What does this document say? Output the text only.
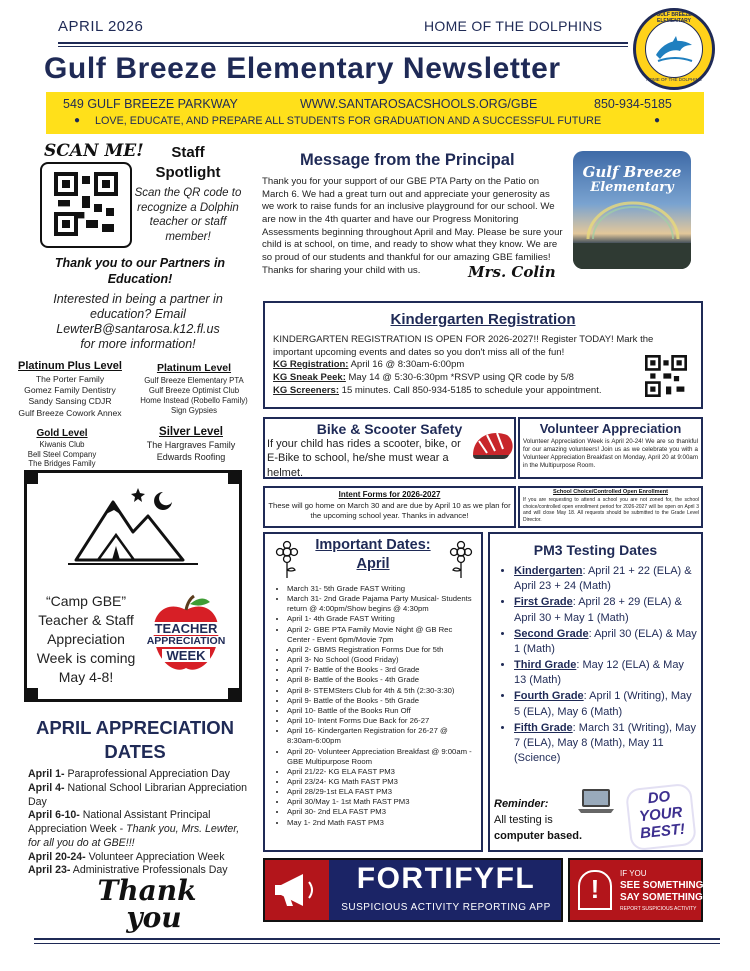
APRIL 2026	HOME OF THE DOLPHINS
Gulf Breeze Elementary Newsletter
GULF BREEZE ELEMENTARY
HOME OF THE DOLPHINS
549 GULF BREEZE PARKWAY	WWW.SANTAROSACSHOOLS.ORG/GBE	850-934-5185
● LOVE, EDUCATE, AND PREPARE ALL STUDENTS FOR GRADUATION AND A SUCCESSFUL FUTURE	●
SCAN ME!	Staff
Spotlight
Scan the QR code to recognize a Dolphin teacher or staff member!
Thank you to our Partners in Education!
Interested in being a partner in education? Email LewterB@santarosa.k12.fl.us for more information!
Platinum Plus Level
The Porter Family
Gomez Family Dentistry
Sandy Sansing CDJR
Gulf Breeze Cowork Annex
Platinum Level
Gulf Breeze Elementary PTA
Gulf Breeze Optimist Club
Home Instead (Robello Family)
Sign Gypsies
Gold Level
Kiwanis Club
Bell Steel Company
The Bridges Family
Silver Level
The Hargraves Family
Edwards Roofing
“Camp GBE” Teacher & Staff Appreciation Week is coming May 4-8!
TEACHER
APPRECIATION
WEEK
APRIL APPRECIATION
DATES
April 1- Paraprofessional Appreciation Day
April 4- National School Librarian Appreciation Day
April 6-10- National Assistant Principal Appreciation Week - Thank you, Mrs. Lewter, for all you do at GBE!!!
April 20-24- Volunteer Appreciation Week
April 23- Administrative Professionals Day
Thank
you
Message from the Principal
Thank you for your support of our GBE PTA Party on the Patio on March 6. We had a great turn out and appreciate your generosity as we work to raise funds for an inclusive playground for our school. We are now in the 4th quarter and have our Progress Monitoring Assessments beginning throughout April and May. Please be sure your child is at school, on time, and ready to show what they know. We are so proud of our students and thankful for our amazing GBE families! Thanks for sharing your child with us.	Mrs. Colin
Gulf Breeze
Elementary
Kindergarten Registration
KINDERGARTEN REGISTRATION IS OPEN FOR 2026-2027!! Register TODAY! Mark the important upcoming events and dates so you don't miss all of the fun!
KG Registration: April 16 @ 8:30am-6:00pm
KG Sneak Peek: May 14 @ 5:30-6:30pm *RSVP using QR code by 5/8
KG Screeners: 15 minutes. Call 850-934-5185 to schedule your appointment.
Bike & Scooter Safety
If your child has rides a scooter, bike, or E-Bike to school, he/she must wear a helmet.
Volunteer Appreciation
Volunteer Appreciation Week is April 20-24! We are so thankful for our amazing volunteers! Join us as we celebrate you with a Volunteer Appreciation Breakfast on Monday, April 20 at 9:00am in the Multipurpose Room.
Intent Forms for 2026-2027
These will go home on March 30 and are due by April 10 as we plan for the upcoming school year. Thanks in advance!
School Choice/Controlled Open Enrollment
If you are requesting to attend a school you are not zoned for, the school choice/controlled open enrollment period for 2026-2027 will be open on April 3 and will close May 18. All requests should be submitted to the Grade Level Director.
Important Dates:
April
• March 31- 5th Grade FAST Writing
• March 31- 2nd Grade Pajama Party Musical- Students return @ 4:00pm/Show begins @ 4:30pm
• April 1- 4th Grade FAST Writing
• April 2- GBE PTA Family Movie Night @ GB Rec Center - Event 6pm/Movie 7pm
• April 2- GBMS Registration Forms Due for 5th
• April 3- No School (Good Friday)
• April 7- Battle of the Books - 3rd Grade
• April 8- Battle of the Books - 4th Grade
• April 8- STEMSters Club for 4th & 5th (2:30-3:30)
• April 9- Battle of the Books - 5th Grade
• April 10- Battle of the Books Run Off
• April 10- Intent Forms Due Back for 26-27
• April 16- Kindergarten Registration for 26-27 @ 8:30am-6:00pm
• April 20- Volunteer Appreciation Breakfast @ 9:00am - GBE Multipurpose Room
• April 21/22- KG ELA FAST PM3
• April 23/24- KG Math FAST PM3
• April 28/29-1st ELA FAST PM3
• April 30/May 1- 1st Math FAST PM3
• April 30- 2nd ELA FAST PM3
• May 1- 2nd Math FAST PM3
PM3 Testing Dates
• Kindergarten: April 21 + 22 (ELA) & April 23 + 24 (Math)
• First Grade: April 28 + 29 (ELA) & April 30 + May 1 (Math)
• Second Grade: April 30 (ELA) & May 1 (Math)
• Third Grade: May 12 (ELA) & May 13 (Math)
• Fourth Grade: April 1 (Writing), May 5 (ELA), May 6 (Math)
• Fifth Grade: March 31 (Writing), May 7 (ELA), May 8 (Math), May 11 (Science)
Reminder:
All testing is
computer based.
DO
YOUR
BEST!
FORTIFYFL
SUSPICIOUS ACTIVITY REPORTING APP
!
IF YOU
SEE SOMETHING
SAY SOMETHING
REPORT SUSPICIOUS ACTIVITY
